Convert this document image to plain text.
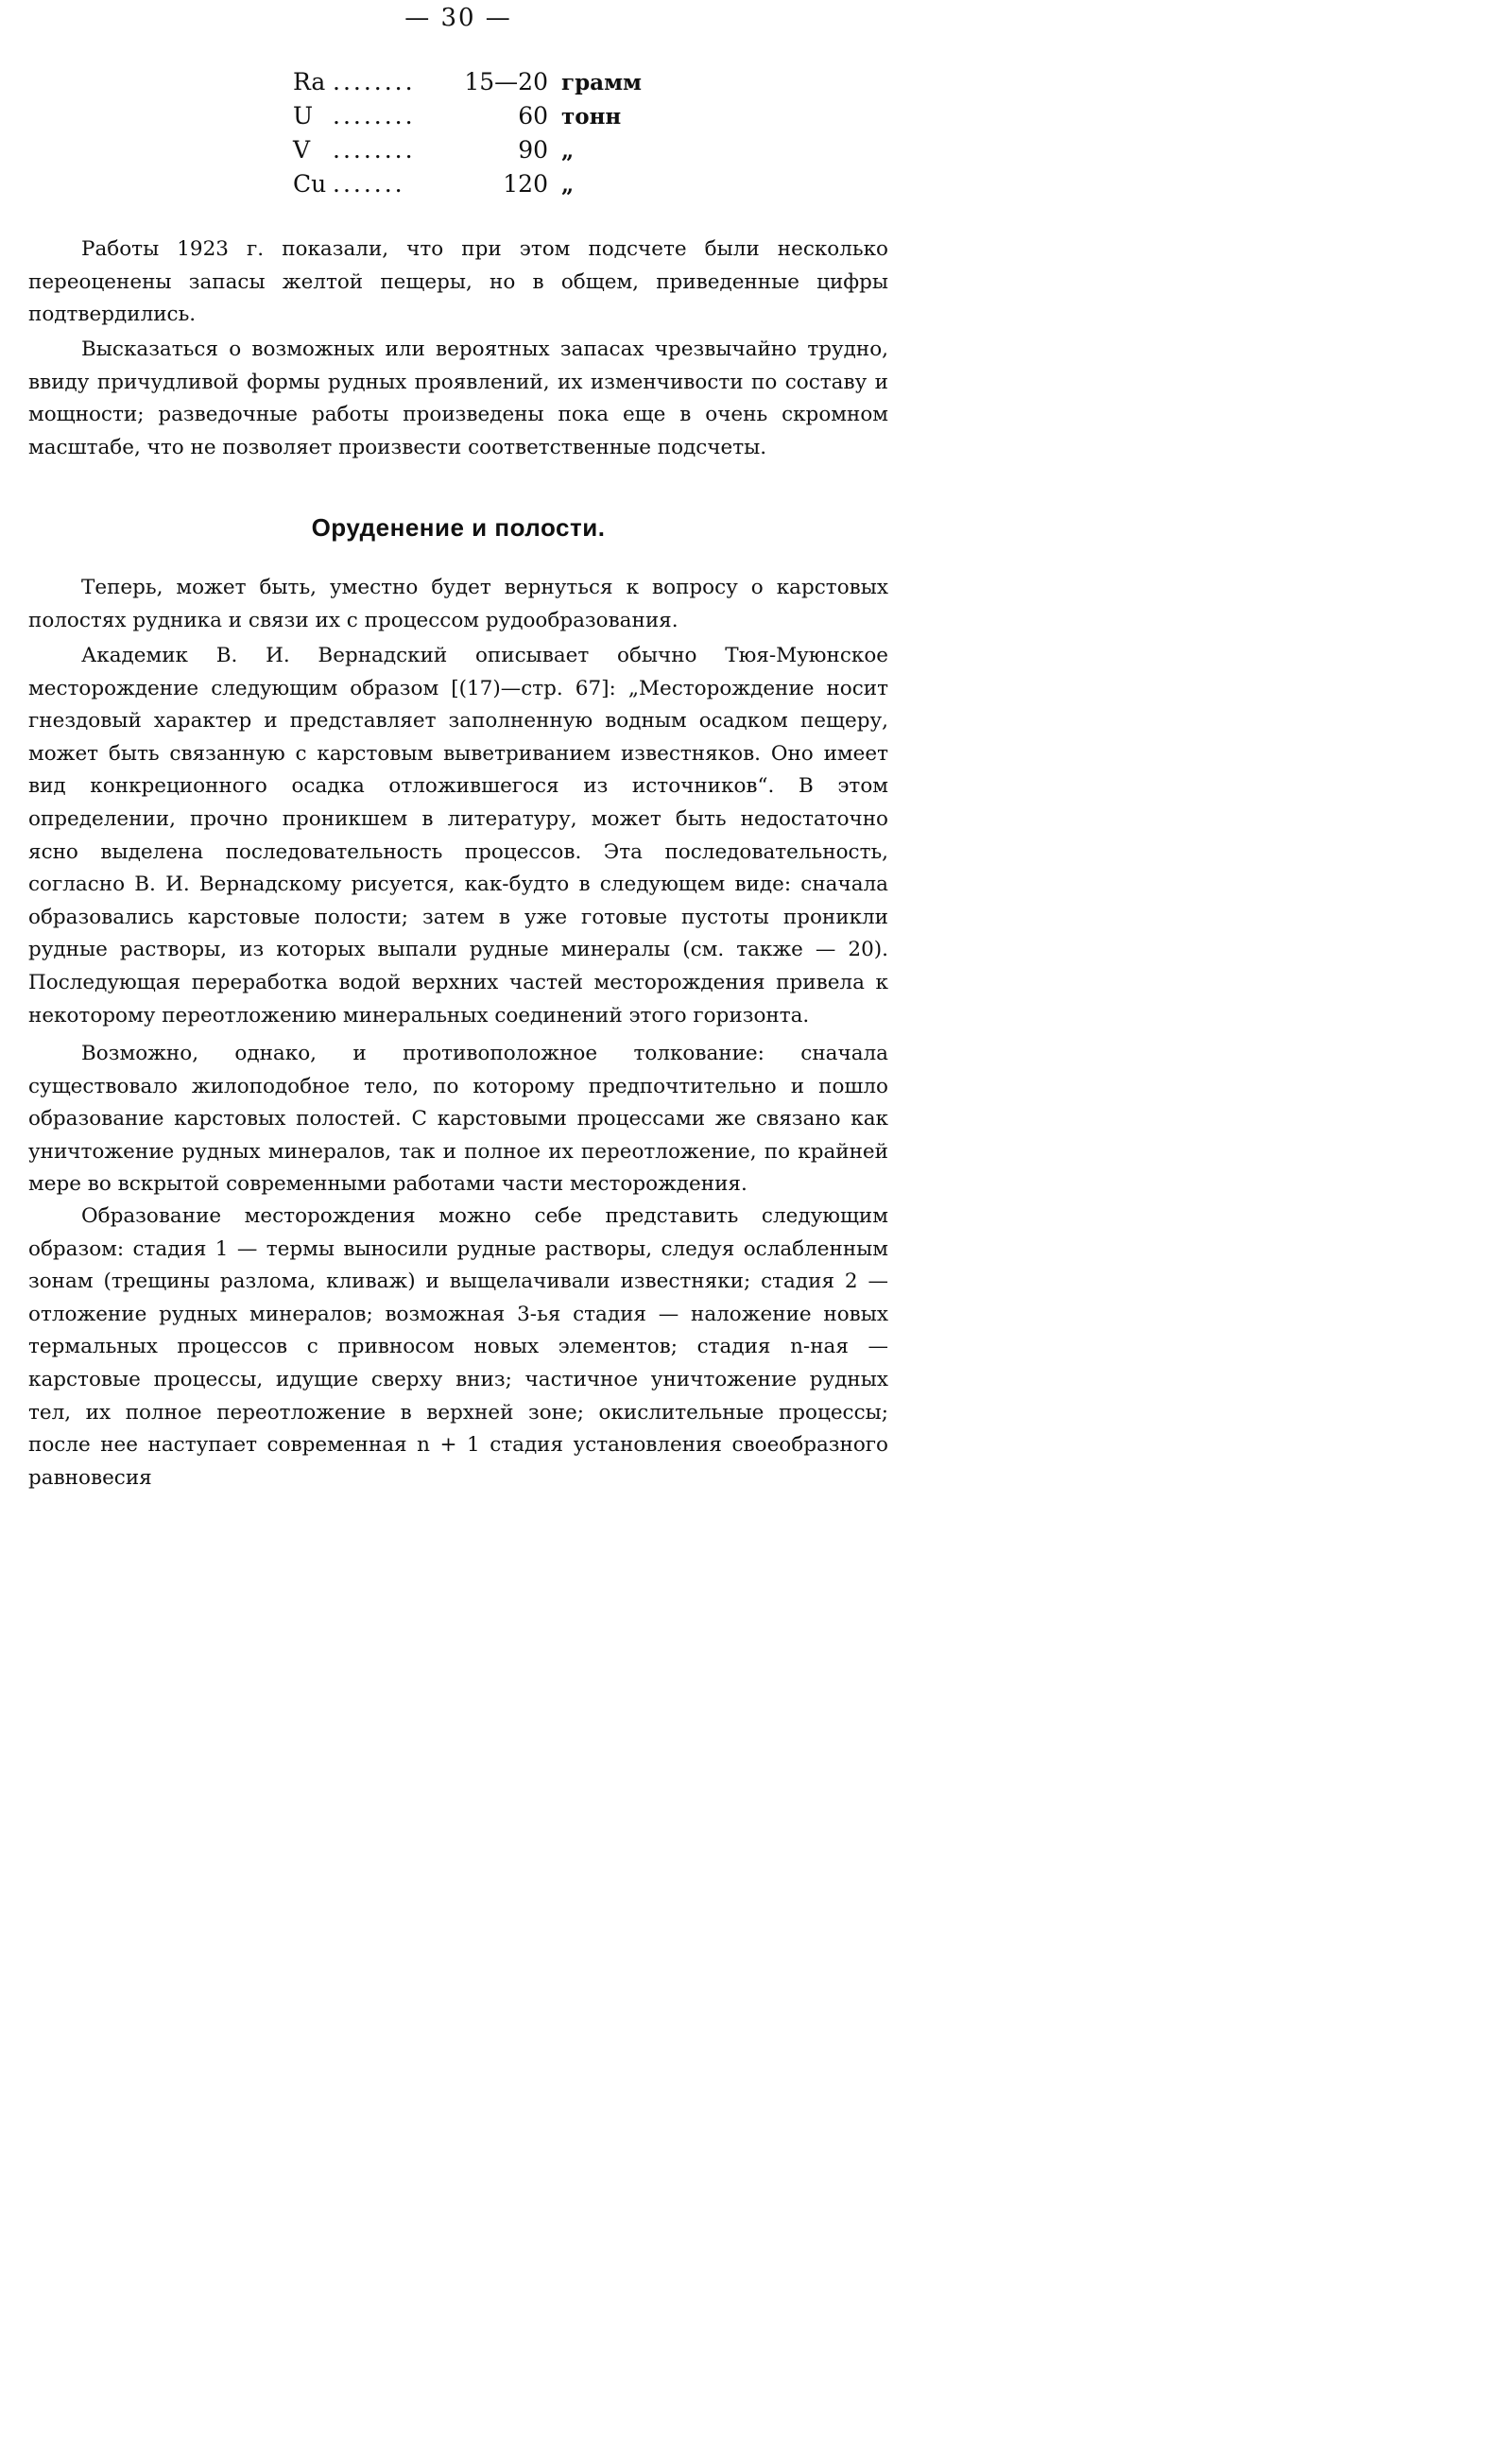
— 30 —
Ra ........	15—20 грамм
U ........	60 тонн
V ........	90 „
Cu .......	120 „

Работы 1923 г. показали, что при этом подсчете были несколько переоценены запасы желтой пещеры, но в общем, приведенные цифры подтвердились.

Высказаться о возможных или вероятных запасах чрезвычайно трудно, ввиду причудливой формы рудных проявлений, их изменчивости по составу и мощности; разведочные работы произведены пока еще в очень скромном масштабе, что не позволяет произвести соответственные подсчеты.

Оруденение и полости.

Теперь, может быть, уместно будет вернуться к вопросу о карстовых полостях рудника и связи их с процессом рудообразования.

Академик В. И. Вернадский описывает обычно Тюя-Муюнское месторождение следующим образом [(17)—стр. 67]: „Месторождение носит гнездовый характер и представляет заполненную водным осадком пещеру, может быть связанную с карстовым выветриванием известняков. Оно имеет вид конкреционного осадка отложившегося из источников“. В этом определении, прочно проникшем в литературу, может быть недостаточно ясно выделена последовательность процессов. Эта последовательность, согласно В. И. Вернадскому рисуется, как-будто в следующем виде: сначала образовались карстовые полости; затем в уже готовые пустоты проникли рудные растворы, из которых выпали рудные минералы (см. также — 20). Последующая переработка водой верхних частей месторождения привела к некоторому переотложению минеральных соединений этого горизонта.

Возможно, однако, и противоположное толкование: сначала существовало жилоподобное тело, по которому предпочтительно и пошло образование карстовых полостей. С карстовыми процессами же связано как уничтожение рудных минералов, так и полное их переотложение, по крайней мере во вскрытой современными работами части месторождения.

Образование месторождения можно себе представить следующим образом: стадия 1 — термы выносили рудные растворы, следуя ослабленным зонам (трещины разлома, кливаж) и выщелачивали известняки; стадия 2 — отложение рудных минералов; возможная 3-ья стадия — наложение новых термальных процессов с привносом новых элементов; стадия n-ная — карстовые процессы, идущие сверху вниз; частичное уничтожение рудных тел, их полное переотложение в верхней зоне; окислительные процессы; после нее наступает современная n + 1 стадия установления своеобразного равновесия
